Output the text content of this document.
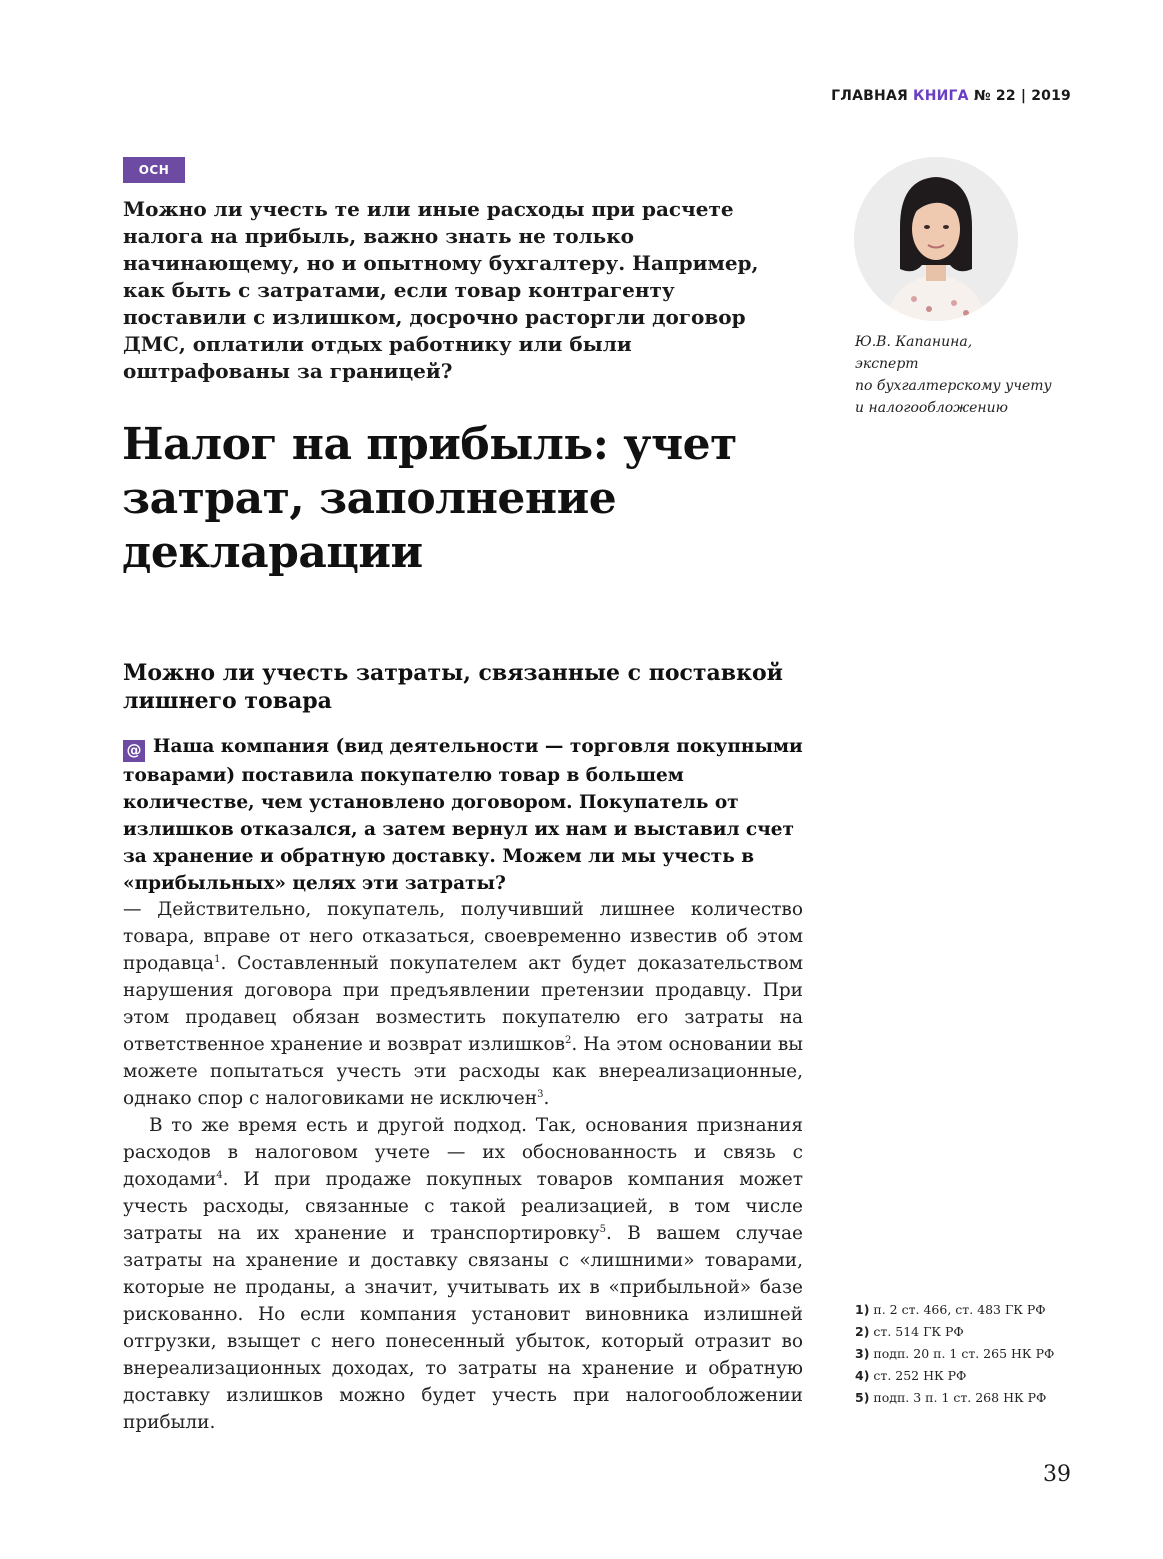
ГЛАВНАЯ КНИГА № 22 | 2019
ОСН

Можно ли учесть те или иные расходы при расчете налога на прибыль, важно знать не только начинающему, но и опытному бухгалтеру. Например, как быть с затратами, если товар контрагенту поставили с излишком, досрочно расторгли договор ДМС, оплатили отдых работнику или были оштрафованы за границей?

Налог на прибыль: учет затрат, заполнение декларации

Ю.В. Капанина,
эксперт
по бухгалтерскому учету
и налогообложению

Можно ли учесть затраты, связанные с поставкой лишнего товара

@ Наша компания (вид деятельности — торговля покупными товарами) поставила покупателю товар в большем количестве, чем установлено договором. Покупатель от излишков отказался, а затем вернул их нам и выставил счет за хранение и обратную доставку. Можем ли мы учесть в «прибыльных» целях эти затраты?

— Действительно, покупатель, получивший лишнее количество товара, вправе от него отказаться, своевременно известив об этом продавца$^1$. Составленный покупателем акт будет доказательством нарушения договора при предъявлении претензии продавцу. При этом продавец обязан возместить покупателю его затраты на ответственное хранение и возврат излишков$^2$. На этом основании вы можете попытаться учесть эти расходы как внереализационные, однако спор с налоговиками не исключен$^3$.

В то же время есть и другой подход. Так, основания признания расходов в налоговом учете — их обоснованность и связь с доходами$^4$. И при продаже покупных товаров компания может учесть расходы, связанные с такой реализацией, в том числе затраты на их хранение и транспортировку$^5$. В вашем случае затраты на хранение и доставку связаны с «лишними» товарами, которые не проданы, а значит, учитывать их в «прибыльной» базе рискованно. Но если компания установит виновника излишней отгрузки, взыщет с него понесенный убыток, который отразит во внереализационных доходах, то затраты на хранение и обратную доставку излишков можно будет учесть при налогообложении прибыли.

1) п. 2 ст. 466, ст. 483 ГК РФ
2) ст. 514 ГК РФ
3) подп. 20 п. 1 ст. 265 НК РФ
4) ст. 252 НК РФ
5) подп. 3 п. 1 ст. 268 НК РФ
39
